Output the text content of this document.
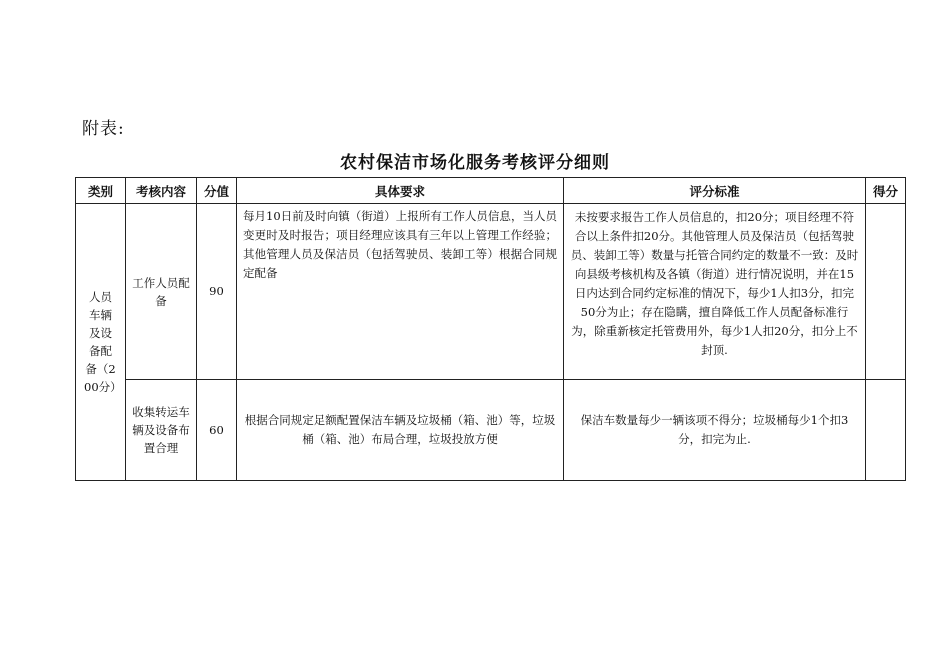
附表:
农村保洁市场化服务考核评分细则
类别	考核内容	分值	具体要求	评分标准	得分
人员车辆及设备配备（200分）	工作人员配备	90	每月10日前及时向镇（街道）上报所有工作人员信息，当人员变更时及时报告；项目经理应该具有三年以上管理工作经验；其他管理人员及保洁员（包括驾驶员、装卸工等）根据合同规定配备	未按要求报告工作人员信息的，扣20分；项目经理不符合以上条件扣20分。其他管理人员及保洁员（包括驾驶员、装卸工等）数量与托管合同约定的数量不一致：及时向县级考核机构及各镇（街道）进行情况说明，并在15日内达到合同约定标准的情况下，每少1人扣3分，扣完50分为止；存在隐瞒，擅自降低工作人员配备标准行为，除重新核定托管费用外，每少1人扣20分，扣分上不封顶.	
	收集转运车辆及设备布置合理	60	根据合同规定足额配置保洁车辆及垃圾桶（箱、池）等，垃圾桶（箱、池）布局合理，垃圾投放方便	保洁车数量每少一辆该项不得分；垃圾桶每少1个扣3分，扣完为止.	
